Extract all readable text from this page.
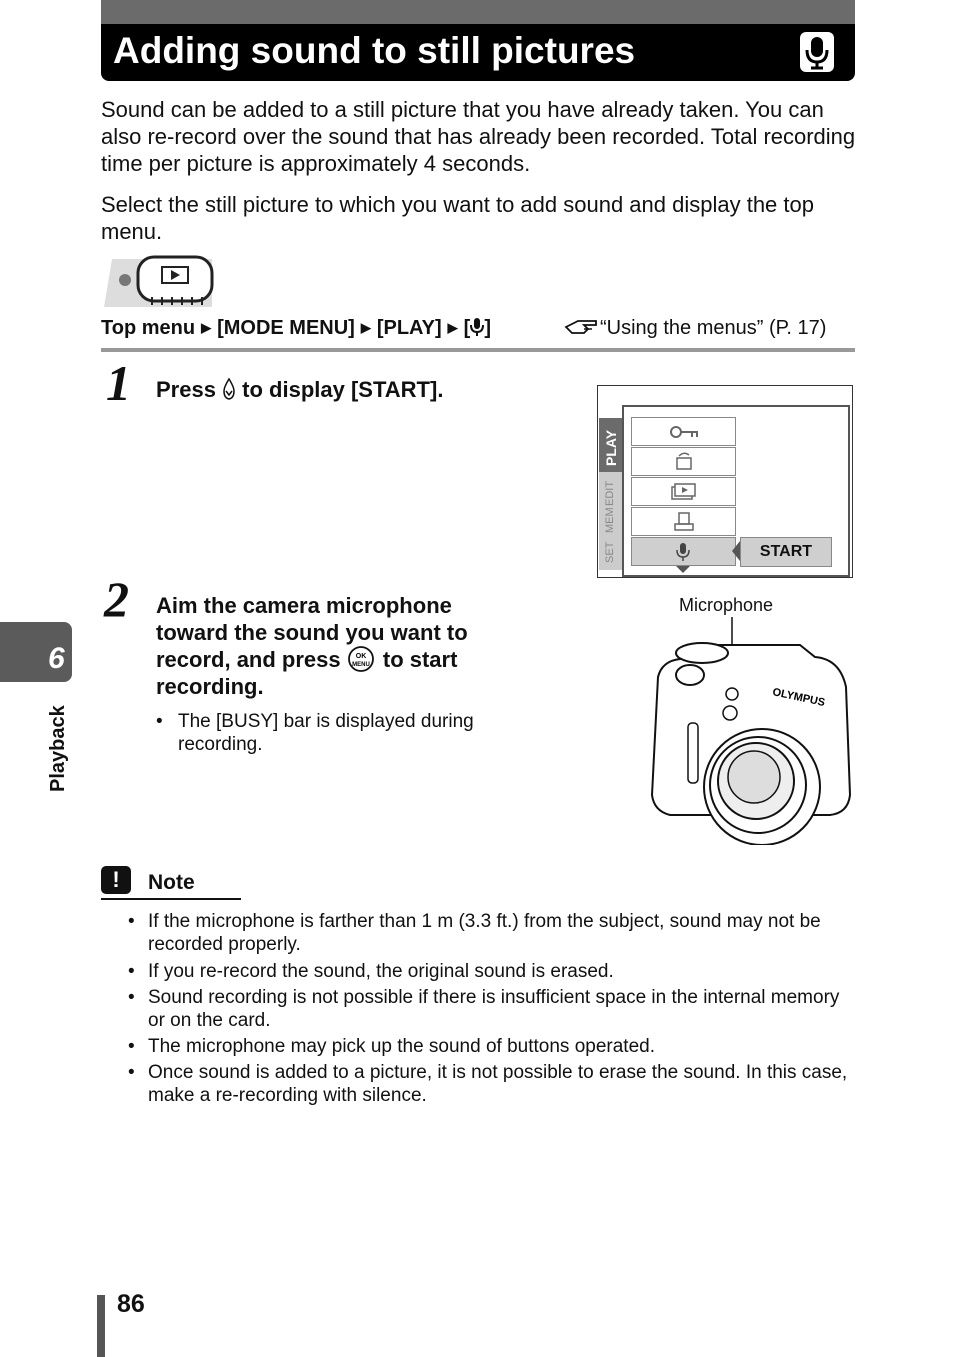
Adding sound to still pictures
Sound can be added to a still picture that you have already taken. You can also re-record over the sound that has already been recorded. Total recording time per picture is approximately 4 seconds.
Select the still picture to which you want to add sound and display the top menu.
Top menu ▶ [MODE MENU] ▶ [PLAY] ▶ [ ]	“Using the menus” (P. 17)
1 Press  to display [START].
PLAY
EDIT
MEM
SET	START
2 Aim the camera microphone toward the sound you want to record, and press OK
MENU to start recording.
• The [BUSY] bar is displayed during recording.
Microphone
OLYMPUS
6
Playback
!	Note
• If the microphone is farther than 1 m (3.3 ft.) from the subject, sound may not be recorded properly.
• If you re-record the sound, the original sound is erased.
• Sound recording is not possible if there is insufficient space in the internal memory or on the card.
• The microphone may pick up the sound of buttons operated.
• Once sound is added to a picture, it is not possible to erase the sound. In this case, make a re-recording with silence.
86
